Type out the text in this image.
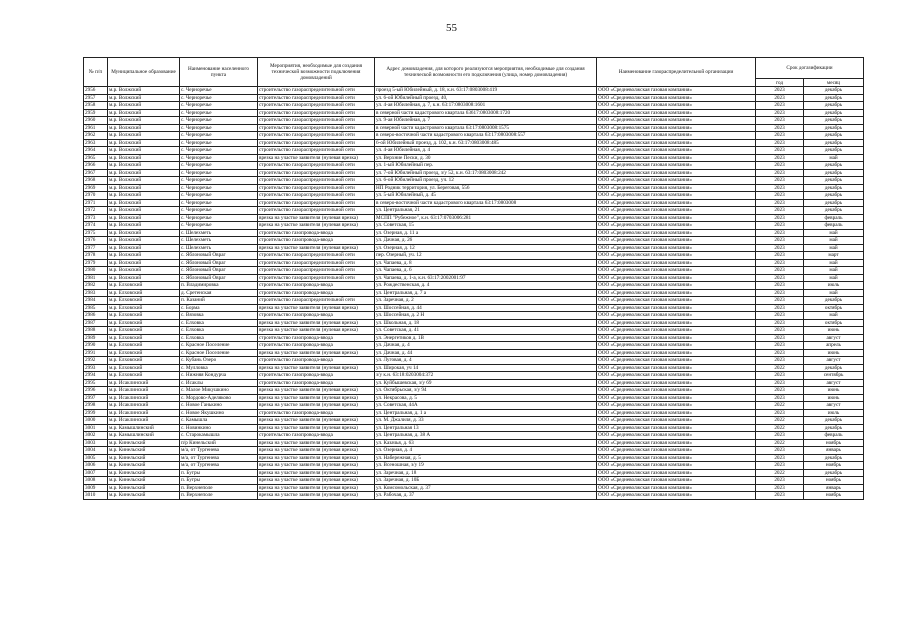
55
№ п/п	Муниципальное образование	Наименование населенного пункта	Мероприятия, необходимые для создания технической возможности подключения домовладений	Адрес домовладения, для которого реализуются мероприятия, необходимые для создания технической возможности его подключения (улица, номер домовладения)	Наименование газораспределительной организации	Срок догазификации	
						год	месяц
2956	м.р. Волжский	с. Черноречье	строительство газораспределительной сети	проезд 5-ый Юбилейный, д. 18, к.н. 63:17:0803008:419	ООО «Средневолжская газовая компания»	2023	декабрь
2957	м.р. Волжский	с. Черноречье	строительство газораспределительной сети	ул. 6-ой Юбилейный проезд, 40,	ООО «Средневолжская газовая компания»	2023	декабрь
2958	м.р. Волжский	с. Черноречье	строительство газораспределительной сети	ул. 4-ая Юбилейная, д. 7, к.н. 63:17:0803008:1601	ООО «Средневолжская газовая компания»	2023	декабрь
2959	м.р. Волжский	с. Черноречье	строительство газораспределительной сети	в северной части кадастрового квартала 63617:0803008:1720	ООО «Средневолжская газовая компания»	2023	декабрь
2960	м.р. Волжский	с. Черноречье	строительство газораспределительной сети	ул. 9-ая Юбилейная, д. 7	ООО «Средневолжская газовая компания»	2023	декабрь
2961	м.р. Волжский	с. Черноречье	строительство газораспределительной сети	в северной части кадастрового квартала 63:17:0803008:1575	ООО «Средневолжская газовая компания»	2023	декабрь
2962	м.р. Волжский	с. Черноречье	строительство газораспределительной сети	в северо-восточной части кадастрового квартала 63:17:0803008:557	ООО «Средневолжская газовая компания»	2023	декабрь
2963	м.р. Волжский	с. Черноречье	строительство газораспределительной сети	6-ой Юбилейный проезд, д. 102, к.н. 63:17:0803008:485	ООО «Средневолжская газовая компания»	2023	декабрь
2964	м.р. Волжский	с. Черноречье	строительство газораспределительной сети	ул. 4-ая Юбилейная, д. 4	ООО «Средневолжская газовая компания»	2023	декабрь
2965	м.р. Волжский	с. Черноречье	врезка на участке заявителя (нулевая врезка)	ул. Верхние Пески, д. 30	ООО «Средневолжская газовая компания»	2023	май
2966	м.р. Волжский	с. Черноречье	строительство газораспределительной сети	ул. 1-ый Юбилейный пер.	ООО «Средневолжская газовая компания»	2023	декабрь
2967	м.р. Волжский	с. Черноречье	строительство газораспределительной сети	ул. 7-ой Юбилейный проезд, з/у 52, к.н. 63:17:0803008:242	ООО «Средневолжская газовая компания»	2023	декабрь
2968	м.р. Волжский	с. Черноречье	строительство газораспределительной сети	ул. 6-ой Юбилейный проезд, уч. 12	ООО «Средневолжская газовая компания»	2023	декабрь
2969	м.р. Волжский	с. Черноречье	строительство газораспределительной сети	НП Родник территория, ул. Береговая, 556	ООО «Средневолжская газовая компания»	2023	декабрь
2970	м.р. Волжский	с. Черноречье	строительство газораспределительной сети	ул. 5-ый Юбилейный, д. 45	ООО «Средневолжская газовая компания»	2023	декабрь
2971	м.р. Волжский	с. Черноречье	строительство газораспределительной сети	в северо-восточной части кадастрового квартала 63:17:0803008	ООО «Средневолжская газовая компания»	2023	декабрь
2972	м.р. Волжский	с. Черноречье	строительство газораспределительной сети	ул. Центральная, 21	ООО «Средневолжская газовая компания»	2023	декабрь
2973	м.р. Волжский	с. Черноречье	врезка на участке заявителя (нулевая врезка)	МСПП "Рубежное", к.н. 63:17:0703006:281	ООО «Средневолжская газовая компания»	2023	февраль
2974	м.р. Волжский	с. Черноречье	врезка на участке заявителя (нулевая врезка)	ул. Советская, 15	ООО «Средневолжская газовая компания»	2023	февраль
2975	м.р. Волжский	с. Шелехметь	строительство газопровода-ввода	ул. Озерная, д. 11 а	ООО «Средневолжская газовая компания»	2023	май
2976	м.р. Волжский	с. Шелехметь	строительство газопровода-ввода	ул. Дачная, д. 26	ООО «Средневолжская газовая компания»	2023	май
2977	м.р. Волжский	с. Шелехметь	врезка на участке заявителя (нулевая врезка)	ул. Озерная, д. 12	ООО «Средневолжская газовая компания»	2023	май
2978	м.р. Волжский	с. Яблоновый Овраг	строительство газораспределительной сети	пер. Озерный, уч. 12	ООО «Средневолжская газовая компания»	2023	март
2979	м.р. Волжский	с. Яблоновый Овраг	строительство газораспределительной сети	ул. Чапаева, д. 8	ООО «Средневолжская газовая компания»	2023	май
2980	м.р. Волжский	с. Яблоновый Овраг	строительство газораспределительной сети	ул. Чапаева, д. 6	ООО «Средневолжская газовая компания»	2023	май
2981	м.р. Волжский	с. Яблоновый Овраг	строительство газораспределительной сети	ул. Чапаева, д. 1-а, к.н. 63:17:2002001:97	ООО «Средневолжская газовая компания»	2023	май
2982	м.р. Елховский	п. Владимировка	строительство газопровода-ввода	ул. Рождественская, д. 4	ООО «Средневолжская газовая компания»	2023	июль
2983	м.р. Елховский	д. Сретенская	строительство газопровода-ввода	ул. Центральная, д. 7 а	ООО «Средневолжская газовая компания»	2023	май
2984	м.р. Елховский	п. Казаний	строительство газораспределительной сети	ул. Заречная, д. 2	ООО «Средневолжская газовая компания»	2023	декабрь
2985	м.р. Елховский	с. Борма	врезка на участке заявителя (нулевая врезка)	ул. Шоссейная, д. 44	ООО «Средневолжская газовая компания»	2023	октябрь
2986	м.р. Елховский	с. Вязовка	строительство газопровода-ввода	ул. Шоссейная, д. 2 Н	ООО «Средневолжская газовая компания»	2023	май
2987	м.р. Елховский	с. Елховка	врезка на участке заявителя (нулевая врезка)	ул. Школьная, д. 18	ООО «Средневолжская газовая компания»	2023	октябрь
2988	м.р. Елховский	с. Елховка	врезка на участке заявителя (нулевая врезка)	ул. Советская, д. 41	ООО «Средневолжская газовая компания»	2023	июнь
2989	м.р. Елховский	с. Елховка	строительство газопровода-ввода	ул. Энергетиков д. 1В	ООО «Средневолжская газовая компания»	2023	август
2990	м.р. Елховский	с. Красное Поселение	строительство газопровода-ввода	ул. Дачная, д. 4	ООО «Средневолжская газовая компания»	2023	апрель
2991	м.р. Елховский	с. Красное Поселение	врезка на участке заявителя (нулевая врезка)	ул. Дачная, д. 44	ООО «Средневолжская газовая компания»	2023	июнь
2992	м.р. Елховский	с. Кубань Озеро	строительство газопровода-ввода	ул. Луговая, д. 4	ООО «Средневолжская газовая компания»	2023	август
2993	м.р. Елховский	с. Мулловка	врезка на участке заявителя (нулевая врезка)	ул. Широкая, уч 14	ООО «Средневолжская газовая компания»	2022	декабрь
2994	м.р. Елховский	с. Нижняя Кондурча	строительство газопровода-ввода	з/у к.н. 63:18:0203004:372	ООО «Средневолжская газовая компания»	2023	сентябрь
2995	м.р. Исаклинский	с. Исаклы	строительство газопровода-ввода	ул. Куйбышевская, з/у 69	ООО «Средневолжская газовая компания»	2023	август
2996	м.р. Исаклинский	с. Малое Микушкино	врезка на участке заявителя (нулевая врезка)	ул. Октябрьская, з/у 94	ООО «Средневолжская газовая компания»	2023	июнь
2997	м.р. Исаклинский	с. Мордово-Аделяково	врезка на участке заявителя (нулевая врезка)	ул. Некрасова, д. 5	ООО «Средневолжская газовая компания»	2023	июнь
2998	м.р. Исаклинский	с. Новое Ганькино	врезка на участке заявителя (нулевая врезка)	ул. Советская, 44А	ООО «Средневолжская газовая компания»	2022	август
2999	м.р. Исаклинский	с. Новое Якушкино	строительство газопровода-ввода	ул. Центральная, д. 1 а	ООО «Средневолжская газовая компания»	2023	июль
3000	м.р. Исаклинский	с. Камышла	врезка на участке заявителя (нулевая врезка)	ул. М. Джалиля, д. 33	ООО «Средневолжская газовая компания»	2022	декабрь
3001	м.р. Камышлинский	с. Новинкино	врезка на участке заявителя (нулевая врезка)	ул. Центральная 13	ООО «Средневолжская газовая компания»	2022	декабрь
3002	м.р. Камышлинский	с. Старокамышла	строительство газопровода-ввода	ул. Центральная, д. 38 А	ООО «Средневолжская газовая компания»	2023	февраль
3003	м.р. Кинельский	п/р Кинельский	врезка на участке заявителя (нулевая врезка)	ул. Казачья, д. 63	ООО «Средневолжская газовая компания»	2022	ноябрь
3004	м.р. Кинельский	м/а, от Тургенева	врезка на участке заявителя (нулевая врезка)	ул. Озерная, д. 4	ООО «Средневолжская газовая компания»	2023	январь
3005	м.р. Кинельский	м/а, от Тургенева	врезка на участке заявителя (нулевая врезка)	ул. Набережная, д. 5	ООО «Средневолжская газовая компания»	2023	декабрь
3006	м.р. Кинельский	м/а, от Тургенева	врезка на участке заявителя (нулевая врезка)	ул. Всеношная, з/у 19	ООО «Средневолжская газовая компания»	2023	ноябрь
3007	м.р. Кинельский	п. Бугры	врезка на участке заявителя (нулевая врезка)	ул. Заречная, д. 18	ООО «Средневолжская газовая компания»	2022	декабрь
3008	м.р. Кинельский	п. Бугры	врезка на участке заявителя (нулевая врезка)	ул. Заречная, д. 10Б	ООО «Средневолжская газовая компания»	2023	ноябрь
3009	м.р. Кинельский	п. Верхнеполе	врезка на участке заявителя (нулевая врезка)	ул. Комсомольская, д. 37	ООО «Средневолжская газовая компания»	2023	январь
3010	м.р. Кинельский	п. Верхнеполе	врезка на участке заявителя (нулевая врезка)	ул. Рабочая, д. 37	ООО «Средневолжская газовая компания»	2023	ноябрь
